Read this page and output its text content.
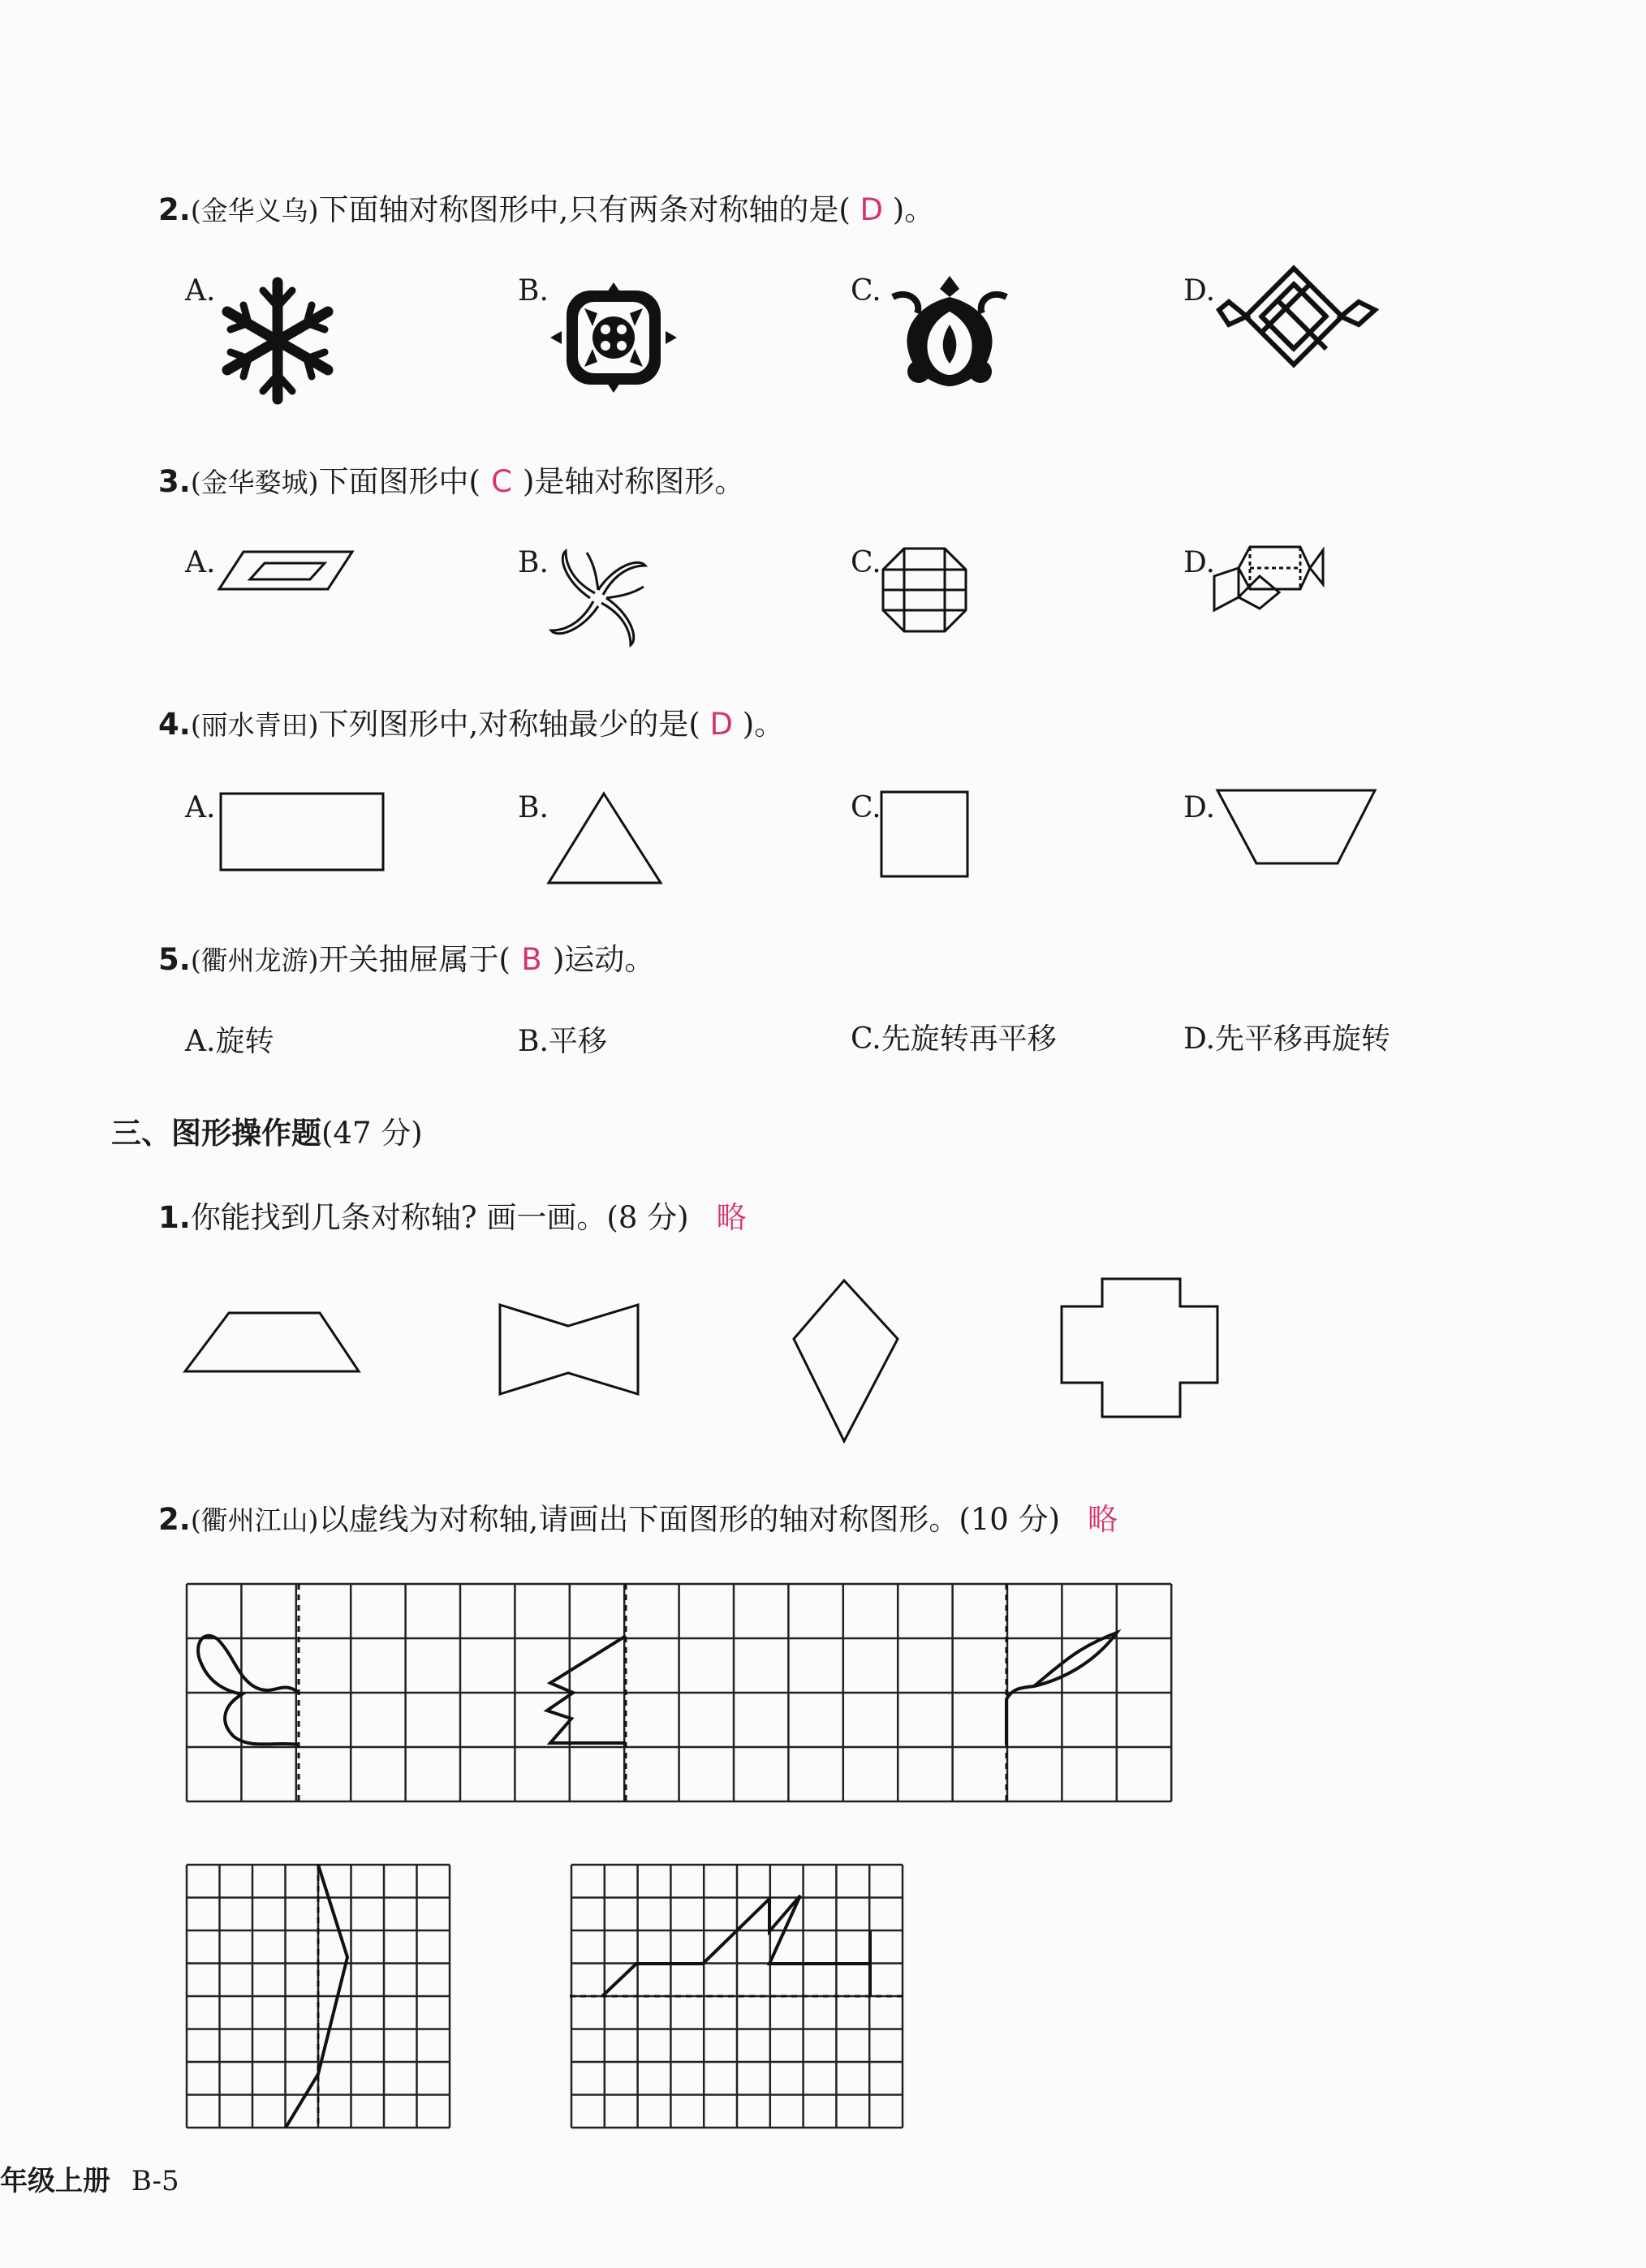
2.(金华义乌)下面轴对称图形中,只有两条对称轴的是( D )。
A.	B.	C.	D.
3.(金华婺城)下面图形中( C )是轴对称图形。
A.	B.	C.	D.
4.(丽水青田)下列图形中,对称轴最少的是( D )。
A.	B.	C.	D.
5.(衢州龙游)开关抽屉属于( B )运动。
A.旋转	B.平移	C.先旋转再平移	D.先平移再旋转
三、图形操作题(47 分)
1.你能找到几条对称轴? 画一画。(8 分) 略
2.(衢州江山)以虚线为对称轴,请画出下面图形的轴对称图形。(10 分) 略
年级上册 B-5
